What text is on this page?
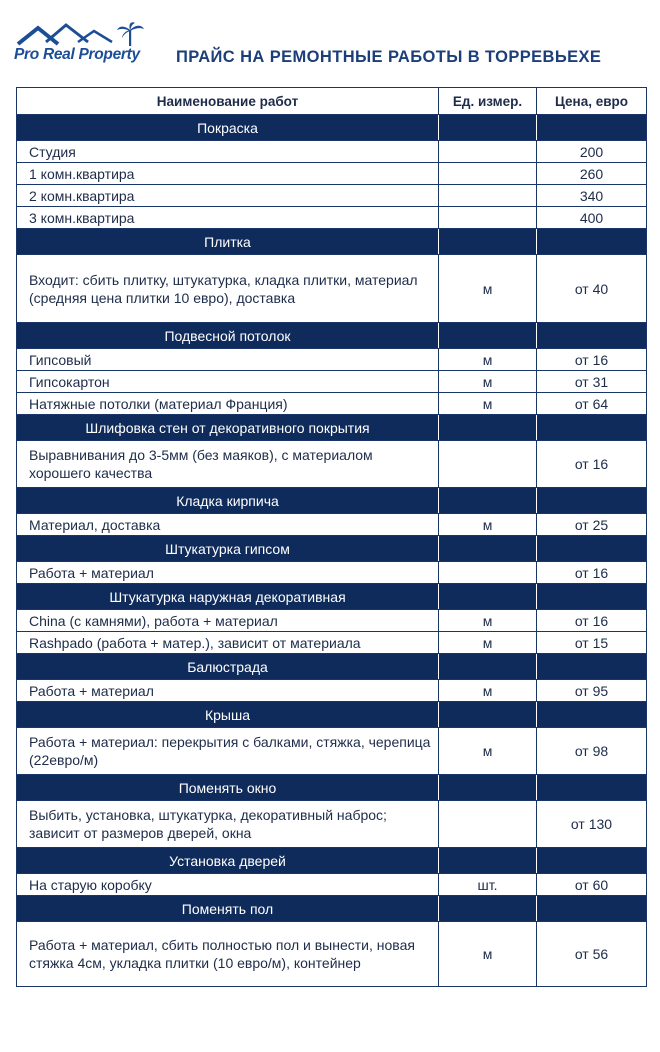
Pro Real Property ПРАЙС НА РЕМОНТНЫЕ РАБОТЫ В ТОРРЕВЬЕХЕ
Наименование работ	Ед. измер.	Цена, евро
Покраска		
Студия		200
1 комн.квартира		260
2 комн.квартира		340
3 комн.квартира		400
Плитка		
Входит: сбить плитку, штукатурка, кладка плитки, материал (средняя цена плитки 10 евро), доставка	м	от 40
Подвесной потолок		
Гипсовый	м	от 16
Гипсокартон	м	от 31
Натяжные потолки (материал Франция)	м	от 64
Шлифовка стен от декоративного покрытия		
Выравнивания до 3-5мм (без маяков), с материалом хорошего качества		от 16
Кладка кирпича		
Материал, доставка	м	от 25
Штукатурка гипсом		
Работа + материал		от 16
Штукатурка наружная декоративная		
China (с камнями), работа + материал	м	от 16
Rashpado (работа + матер.), зависит от материала	м	от 15
Балюстрада		
Работа + материал	м	от 95
Крыша		
Работа + материал: перекрытия с балками, стяжка, черепица (22евро/м)	м	от 98
Поменять окно		
Выбить, установка, штукатурка, декоративный наброс; зависит от размеров дверей, окна		от 130
Установка дверей		
На старую коробку	шт.	от 60
Поменять пол		
Работа + материал, сбить полностью пол и вынести, новая стяжка 4см, укладка плитки (10 евро/м), контейнер	м	от 56
